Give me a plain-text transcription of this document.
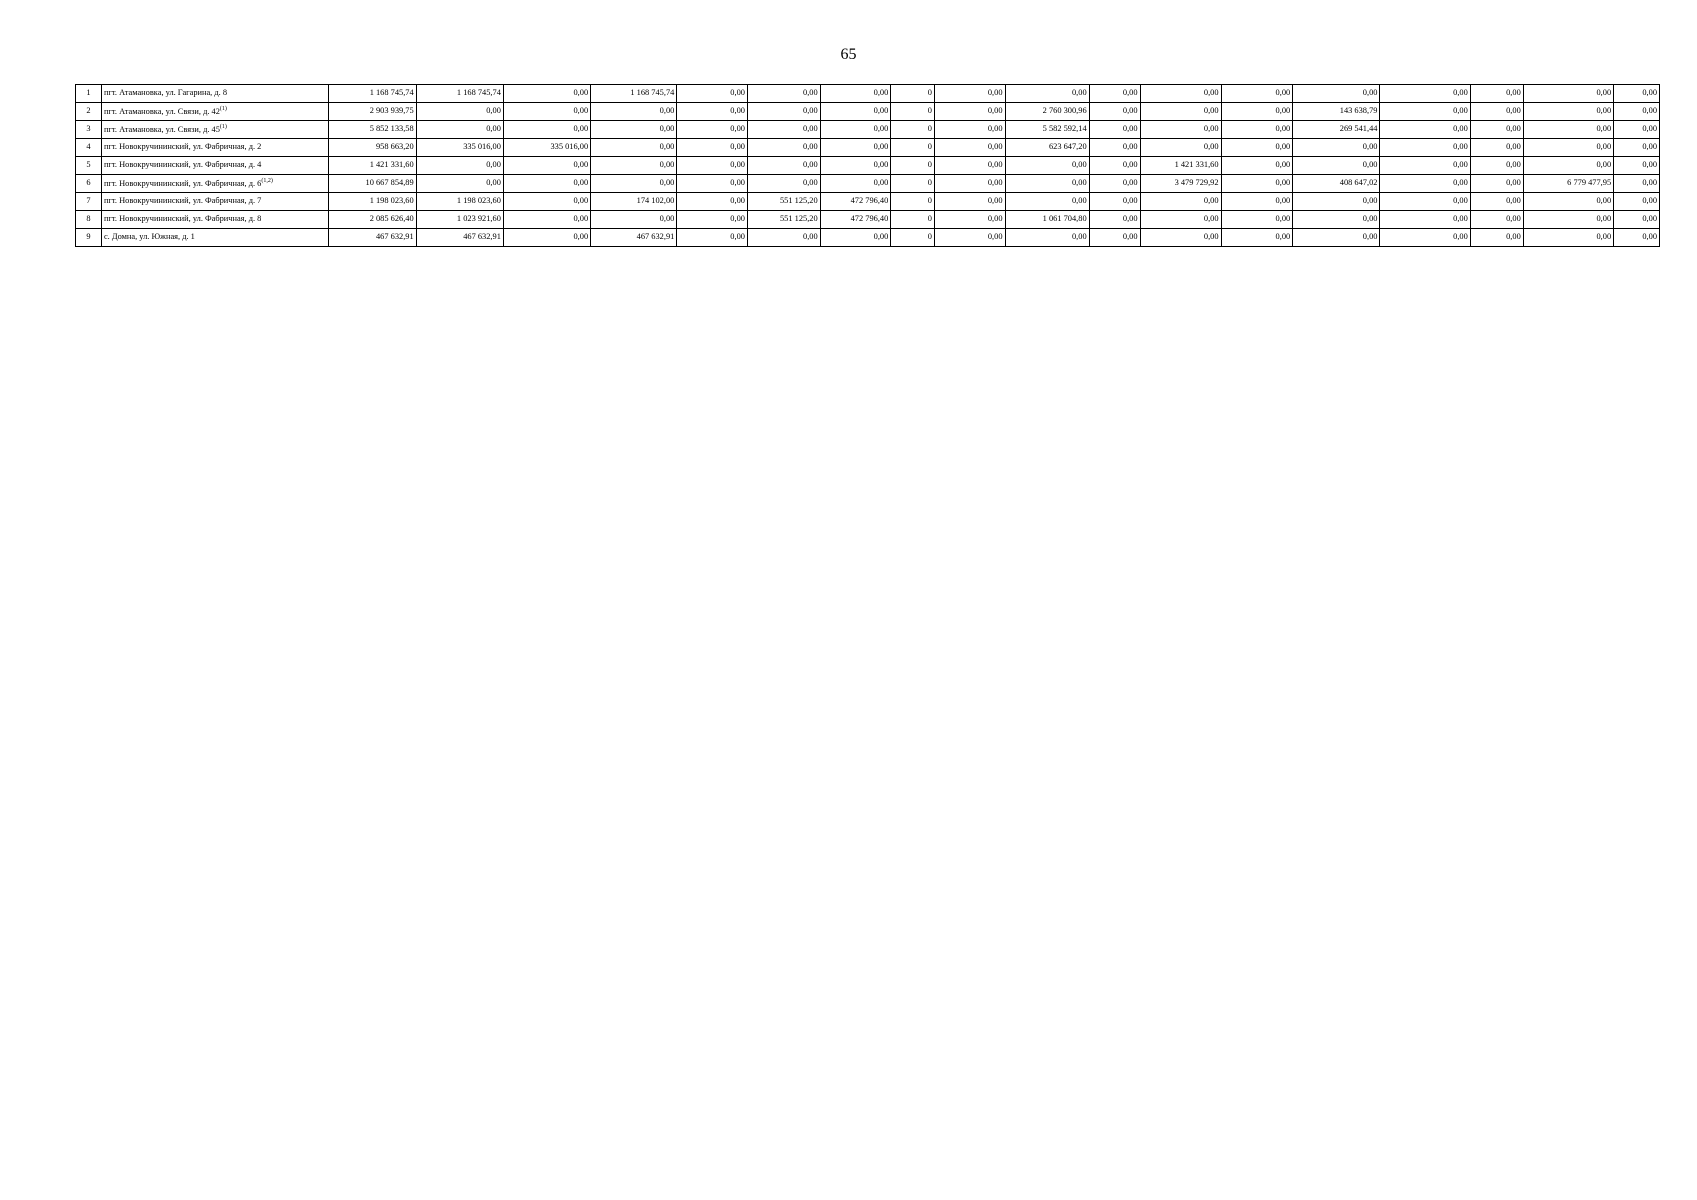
65
1	пгт. Атамановка, ул. Гагарина, д. 8	1 168 745,74	1 168 745,74	0,00	1 168 745,74	0,00	0,00	0,00	0	0,00	0,00	0,00	0,00	0,00	0,00	0,00	0,00	0,00	0,00
2	пгт. Атамановка, ул. Связи, д. 42$^{(1)}$	2 903 939,75	0,00	0,00	0,00	0,00	0,00	0,00	0	0,00	2 760 300,96	0,00	0,00	0,00	143 638,79	0,00	0,00	0,00	0,00
3	пгт. Атамановка, ул. Связи, д. 45$^{(1)}$	5 852 133,58	0,00	0,00	0,00	0,00	0,00	0,00	0	0,00	5 582 592,14	0,00	0,00	0,00	269 541,44	0,00	0,00	0,00	0,00
4	пгт. Новокручининский, ул. Фабричная, д. 2	958 663,20	335 016,00	335 016,00	0,00	0,00	0,00	0,00	0	0,00	623 647,20	0,00	0,00	0,00	0,00	0,00	0,00	0,00	0,00
5	пгт. Новокручининский, ул. Фабричная, д. 4	1 421 331,60	0,00	0,00	0,00	0,00	0,00	0,00	0	0,00	0,00	0,00	1 421 331,60	0,00	0,00	0,00	0,00	0,00	0,00
6	пгт. Новокручининский, ул. Фабричная, д. 6$^{(1,2)}$	10 667 854,89	0,00	0,00	0,00	0,00	0,00	0,00	0	0,00	0,00	0,00	3 479 729,92	0,00	408 647,02	0,00	0,00	6 779 477,95	0,00
7	пгт. Новокручининский, ул. Фабричная, д. 7	1 198 023,60	1 198 023,60	0,00	174 102,00	0,00	551 125,20	472 796,40	0	0,00	0,00	0,00	0,00	0,00	0,00	0,00	0,00	0,00	0,00
8	пгт. Новокручининский, ул. Фабричная, д. 8	2 085 626,40	1 023 921,60	0,00	0,00	0,00	551 125,20	472 796,40	0	0,00	1 061 704,80	0,00	0,00	0,00	0,00	0,00	0,00	0,00	0,00
9	с. Домна, ул. Южная, д. 1	467 632,91	467 632,91	0,00	467 632,91	0,00	0,00	0,00	0	0,00	0,00	0,00	0,00	0,00	0,00	0,00	0,00	0,00	0,00
